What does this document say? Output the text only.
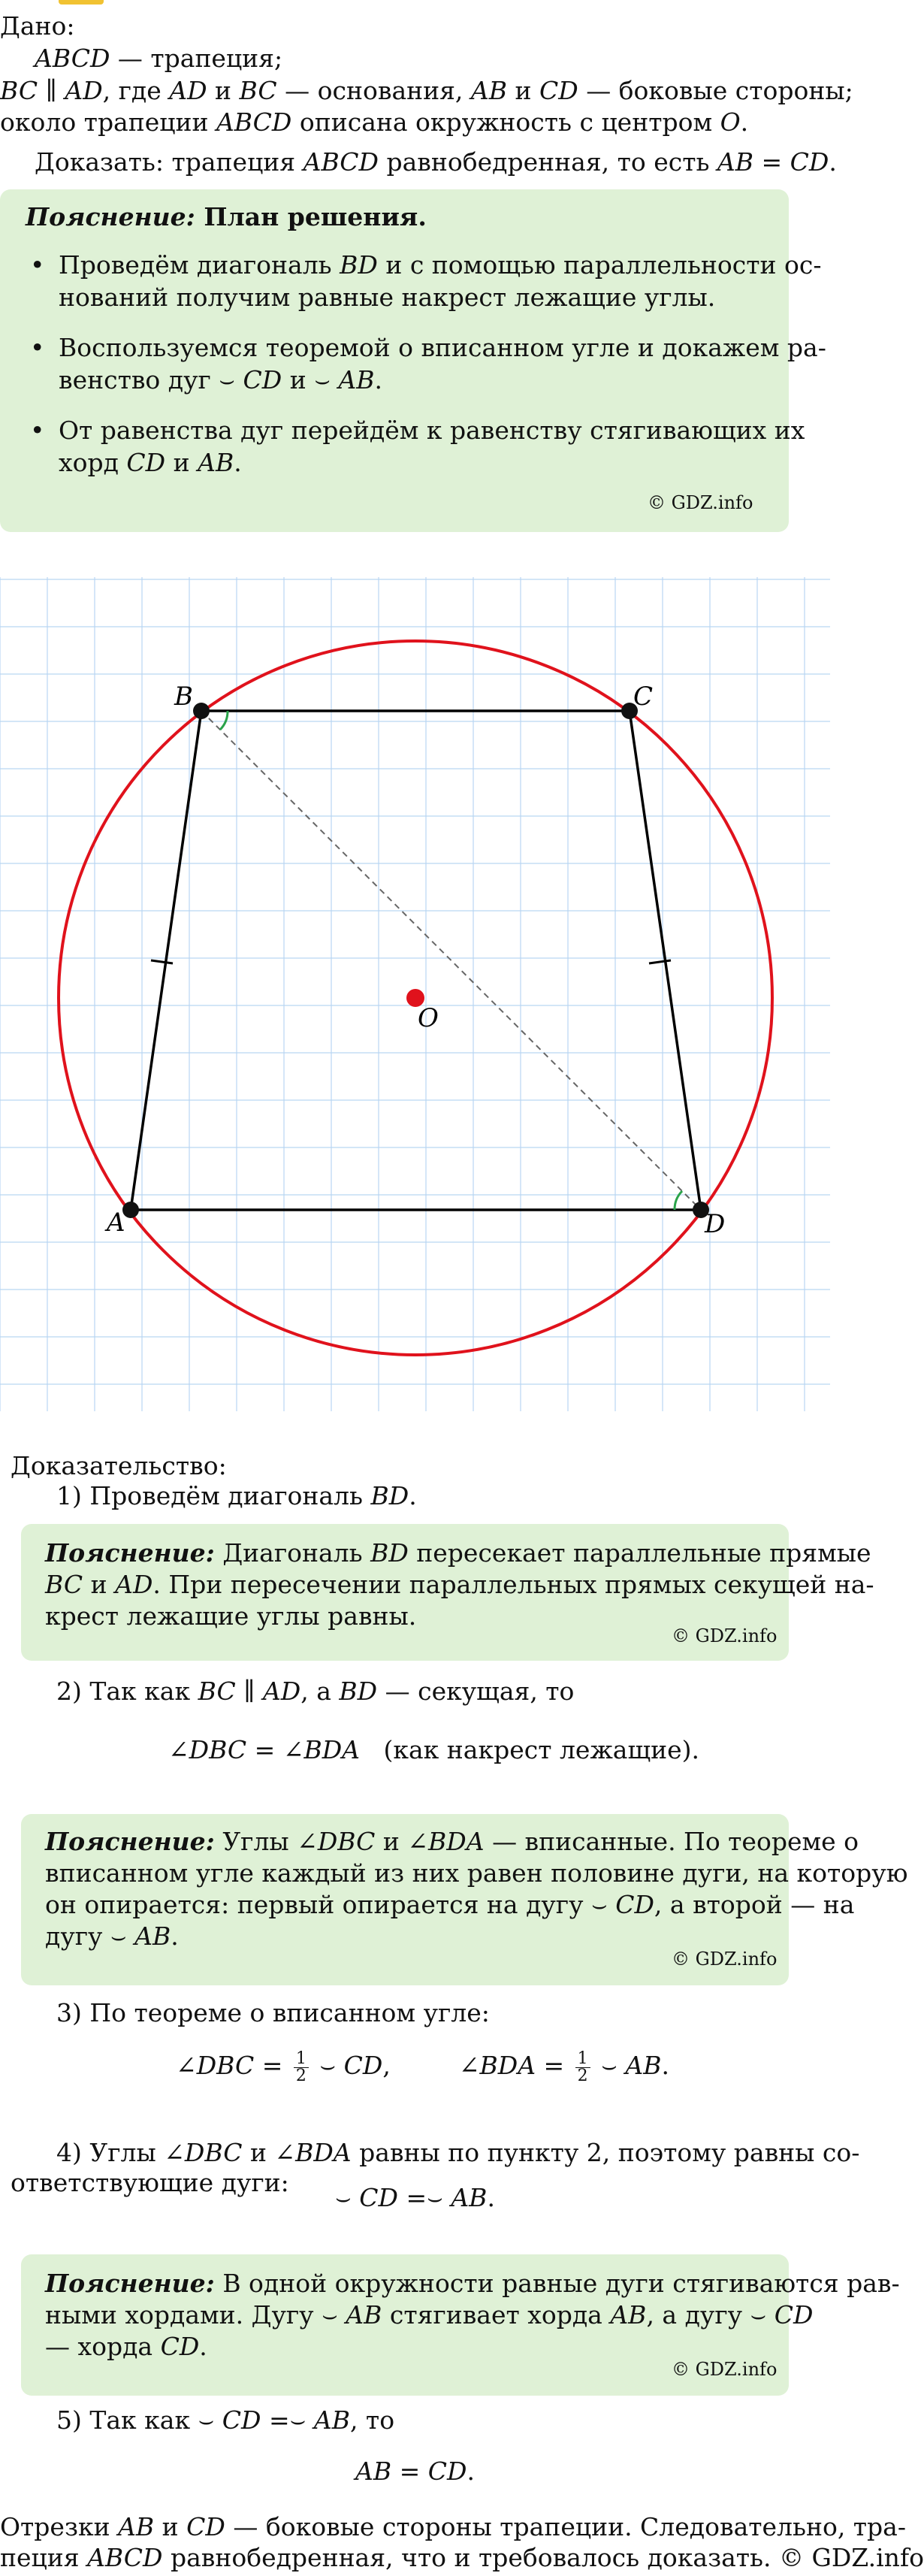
Дано:
ABCD — трапеция;
BC ∥ AD, где AD и BC — основания, AB и CD — боковые стороны;
около трапеции ABCD описана окружность с центром O.
Доказать: трапеция ABCD равнобедренная, то есть AB = CD.
Пояснение: План решения.
• Проведём диагональ BD и с помощью параллельности ос-
нований получим равные накрест лежащие углы.
• Воспользуемся теоремой о вписанном угле и докажем ра-
венство дуг ⌣ CD и ⌣ AB.
• От равенства дуг перейдём к равенству стягивающих их
хорд CD и AB.
© GDZ.info
A
B	C
D
O
Доказательство:
1) Проведём диагональ BD.
Пояснение: Диагональ BD пересекает параллельные прямые
BC и AD. При пересечении параллельных прямых секущей на-
крест лежащие углы равны.
© GDZ.info
2) Так как BC ∥ AD, а BD — секущая, то
∠DBC = ∠BDA   (как накрест лежащие).
Пояснение: Углы ∠DBC и ∠BDA — вписанные. По теореме о
вписанном угле каждый из них равен половине дуги, на которую
он опирается: первый опирается на дугу ⌣ CD, а второй — на
дугу ⌣ AB.
© GDZ.info
3) По теореме о вписанном угле:
∠DBC = $\frac{1}{2}$ ⌣ CD,	∠BDA = $\frac{1}{2}$ ⌣ AB.
4) Углы ∠DBC и ∠BDA равны по пункту 2, поэтому равны со-
ответствующие дуги:
⌣ CD =⌣ AB.
Пояснение: В одной окружности равные дуги стягиваются рав-
ными хордами. Дугу ⌣ AB стягивает хорда AB, а дугу ⌣ CD
— хорда CD.
© GDZ.info
5) Так как ⌣ CD =⌣ AB, то
AB = CD.
Отрезки AB и CD — боковые стороны трапеции. Следовательно, тра-
пеция ABCD равнобедренная, что и требовалось доказать. © GDZ.info
